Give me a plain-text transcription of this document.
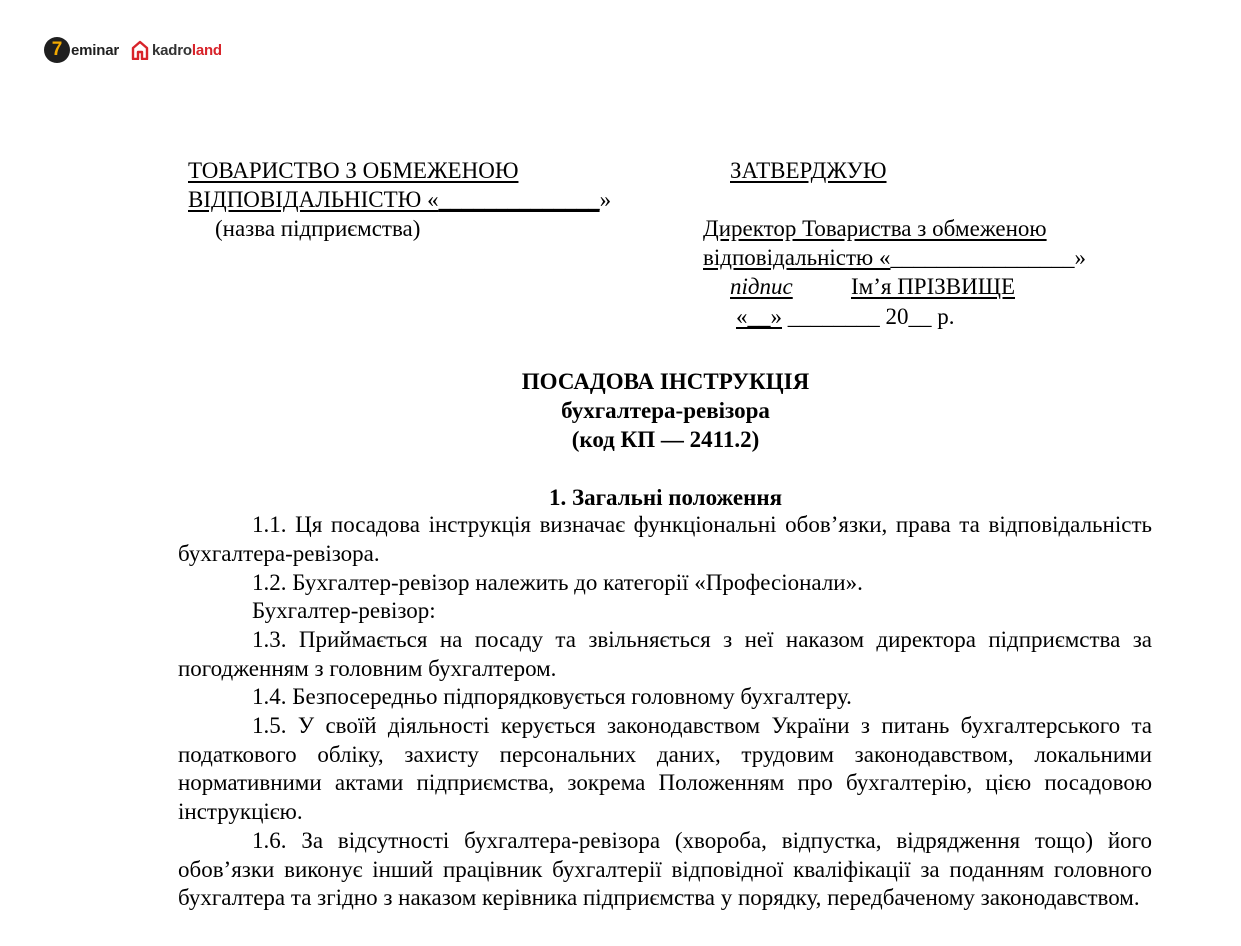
7 eminar kadroland
ТОВАРИСТВО З ОБМЕЖЕНОЮ
ВІДПОВІДАЛЬНІСТЮ «______________»
(назва підприємства)
ЗАТВЕРДЖУЮ
Директор Товариства з обмеженою
відповідальністю «________________»
підпис	Ім’я ПРІЗВИЩЕ
«__» ________ 20__ р.
ПОСАДОВА ІНСТРУКЦІЯ
бухгалтера-ревізора
(код КП — 2411.2)
1. Загальні положення

1.1. Ця посадова інструкція визначає функціональні обов’язки, права та відповідальність бухгалтера-ревізора.

1.2. Бухгалтер-ревізор належить до категорії «Професіонали».

Бухгалтер-ревізор:

1.3. Приймається на посаду та звільняється з неї наказом директора підприємства за погодженням з головним бухгалтером.

1.4. Безпосередньо підпорядковується головному бухгалтеру.

1.5. У своїй діяльності керується законодавством України з питань бухгалтерського та податкового обліку, захисту персональних даних, трудовим законодавством, локальними нормативними актами підприємства, зокрема Положенням про бухгалтерію, цією посадовою інструкцією.

1.6. За відсутності бухгалтера-ревізора (хвороба, відпустка, відрядження тощо) його обов’язки виконує інший працівник бухгалтерії відповідної кваліфікації за поданням головного бухгалтера та згідно з наказом керівника підприємства у порядку, передбаченому законодавством.
